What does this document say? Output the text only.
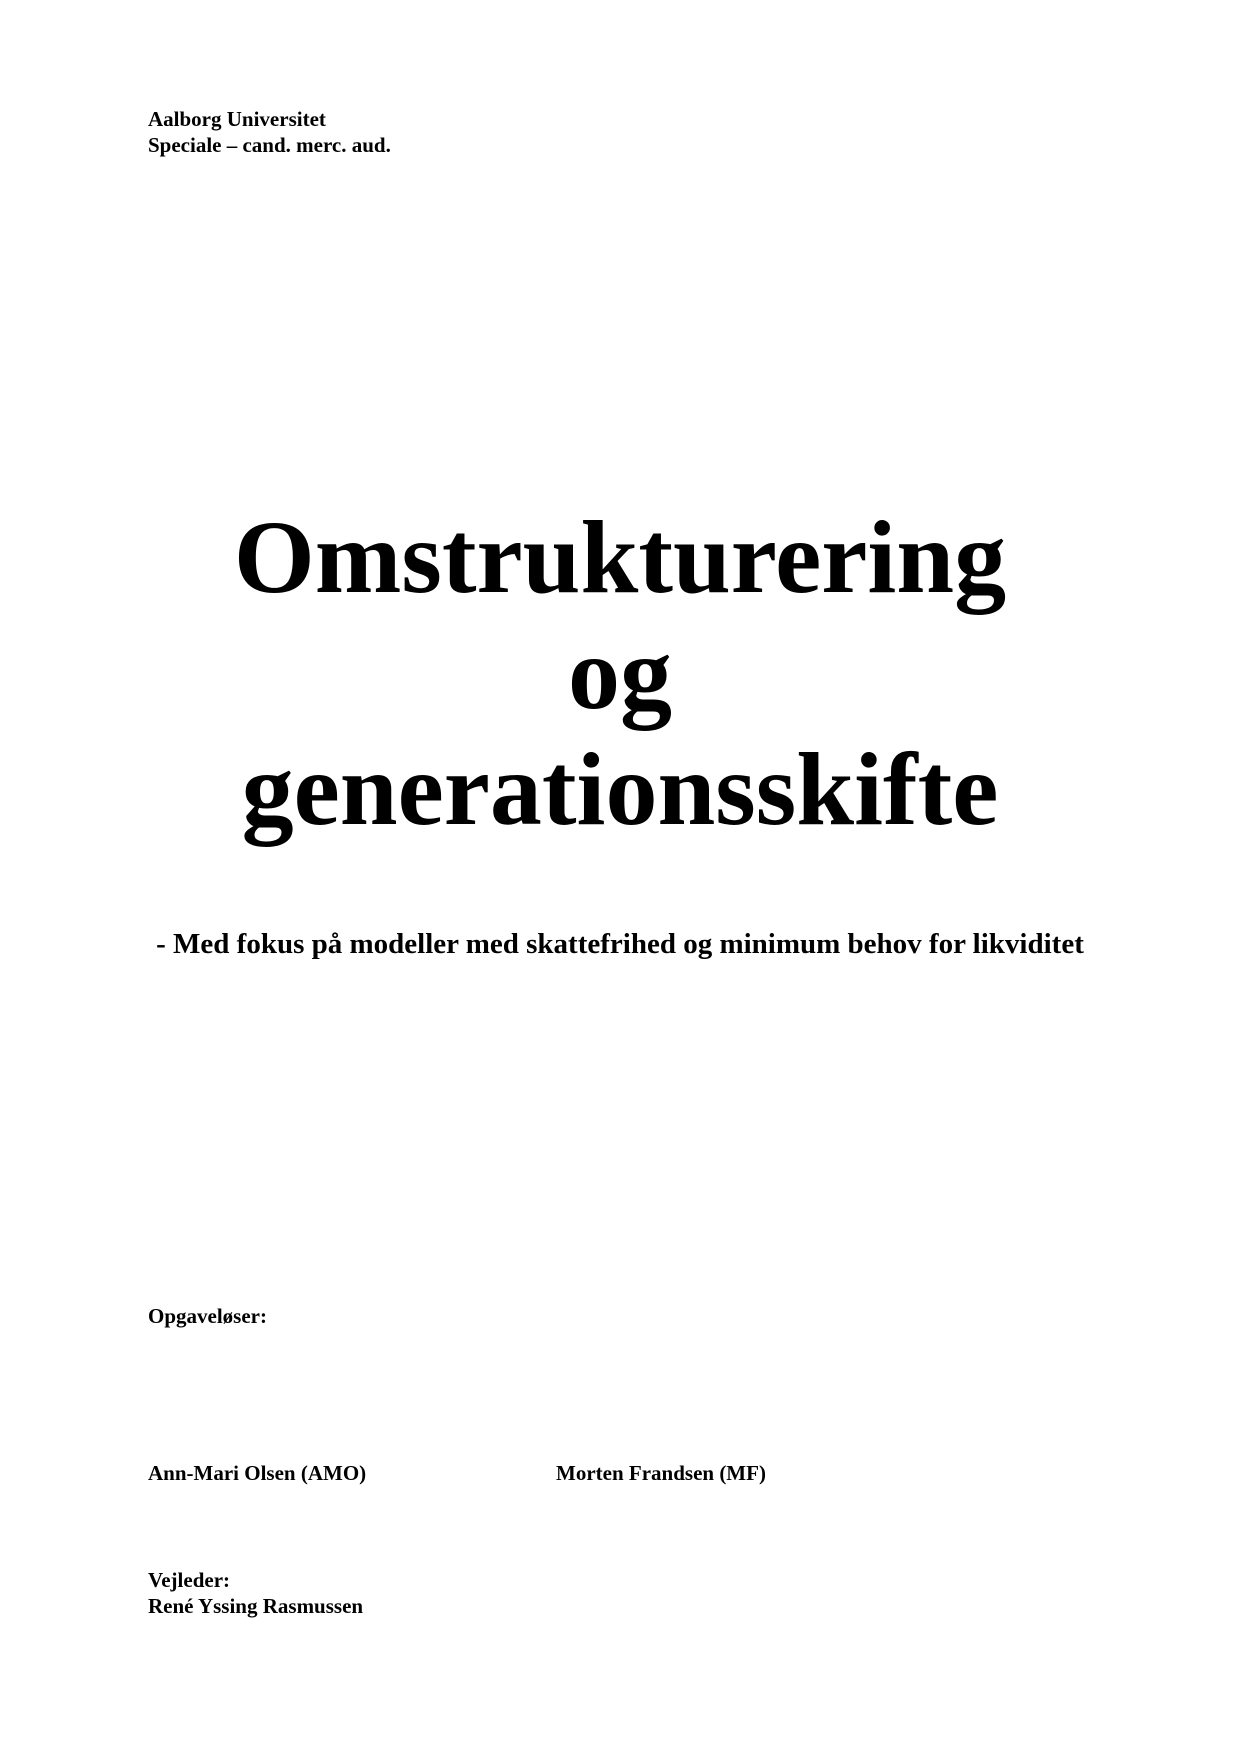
Aalborg Universitet
Speciale – cand. merc. aud.
Omstrukturering
og
generationsskifte
- Med fokus på modeller med skattefrihed og minimum behov for likviditet
Opgaveløser:
Ann-Mari Olsen (AMO)	Morten Frandsen (MF)
Vejleder:
René Yssing Rasmussen
